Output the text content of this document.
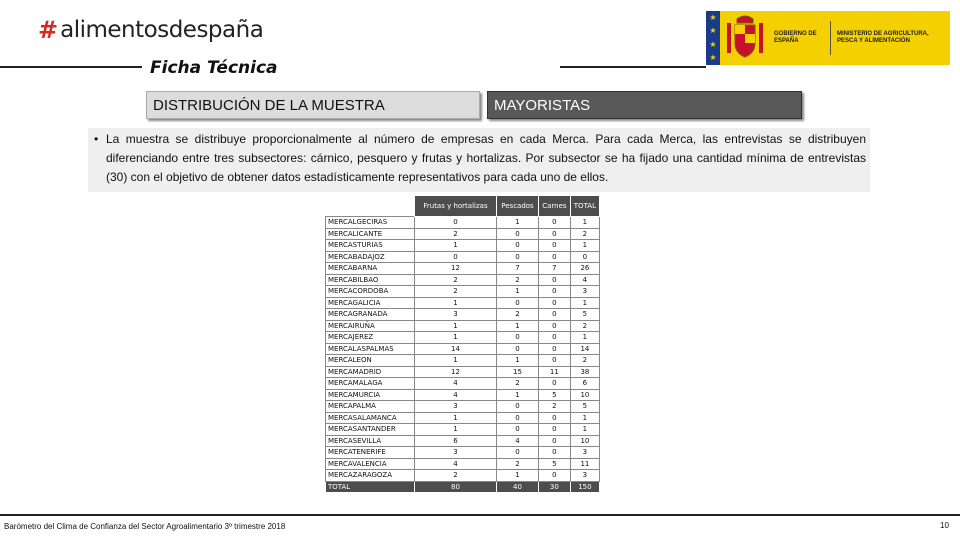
# alimentosdespaña	★
★
★
★
GOBIERNO DE ESPAÑA
MINISTERIO DE AGRICULTURA, PESCA Y ALIMENTACIÓN
Ficha Técnica
DISTRIBUCIÓN DE LA MUESTRA	MAYORISTAS
• La muestra se distribuye proporcionalmente al número de empresas en cada Merca. Para cada Merca, las entrevistas se distribuyen diferenciando entre tres subsectores: cárnico, pesquero y frutas y hortalizas. Por subsector se ha fijado una cantidad mínima de entrevistas (30) con el objetivo de obtener datos estadísticamente representativos para cada uno de ellos.
	Frutas y hortalizas	Pescados	Carnes	TOTAL
MERCALGECIRAS	0	1	0	1
MERCALICANTE	2	0	0	2
MERCASTURIAS	1	0	0	1
MERCABADAJOZ	0	0	0	0
MERCABARNA	12	7	7	26
MERCABILBAO	2	2	0	4
MERCACORDOBA	2	1	0	3
MERCAGALICIA	1	0	0	1
MERCAGRANADA	3	2	0	5
MERCAIRUÑA	1	1	0	2
MERCAJEREZ	1	0	0	1
MERCALASPALMAS	14	0	0	14
MERCALEON	1	1	0	2
MERCAMADRID	12	15	11	38
MERCAMALAGA	4	2	0	6
MERCAMURCIA	4	1	5	10
MERCAPALMA	3	0	2	5
MERCASALAMANCA	1	0	0	1
MERCASANTANDER	1	0	0	1
MERCASEVILLA	6	4	0	10
MERCATENERIFE	3	0	0	3
MERCAVALENCIA	4	2	5	11
MERCAZARAGOZA	2	1	0	3
TOTAL	80	40	30	150
Barómetro del Clima de Confianza del Sector Agroalimentario 3º trimestre 2018	10
